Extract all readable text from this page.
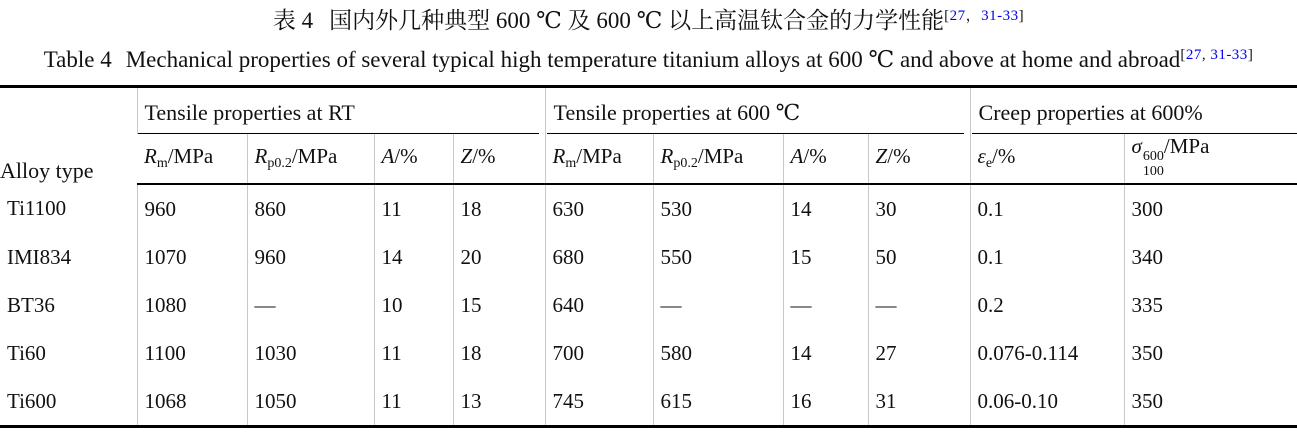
表 4 国内外几种典型 600 ℃ 及 600 ℃ 以上高温钛合金的力学性能[27，31-33]
Table 4 Mechanical properties of several typical high temperature titanium alloys at 600 ℃ and above at home and abroad[27, 31-33]
Alloy type	Tensile properties at RT				Tensile properties at 600 ℃				Creep properties at 600%	

	$R_m$/MPa	$R_{p0.2}$/MPa	A/%	Z/%	$R_m$/MPa	$R_{p0.2}$/MPa	A/%	Z/%	$\varepsilon_e/\%$	σ 600
100
/MPa
Ti1100	960	860	11	18	630	530	14	30	0.1	300
IMI834	1070	960	14	20	680	550	15	50	0.1	340
BT36	1080	—	10	15	640	—	—	—	0.2	335
Ti60	1100	1030	11	18	700	580	14	27	0.076-0.114	350
Ti600	1068	1050	11	13	745	615	16	31	0.06-0.10	350
